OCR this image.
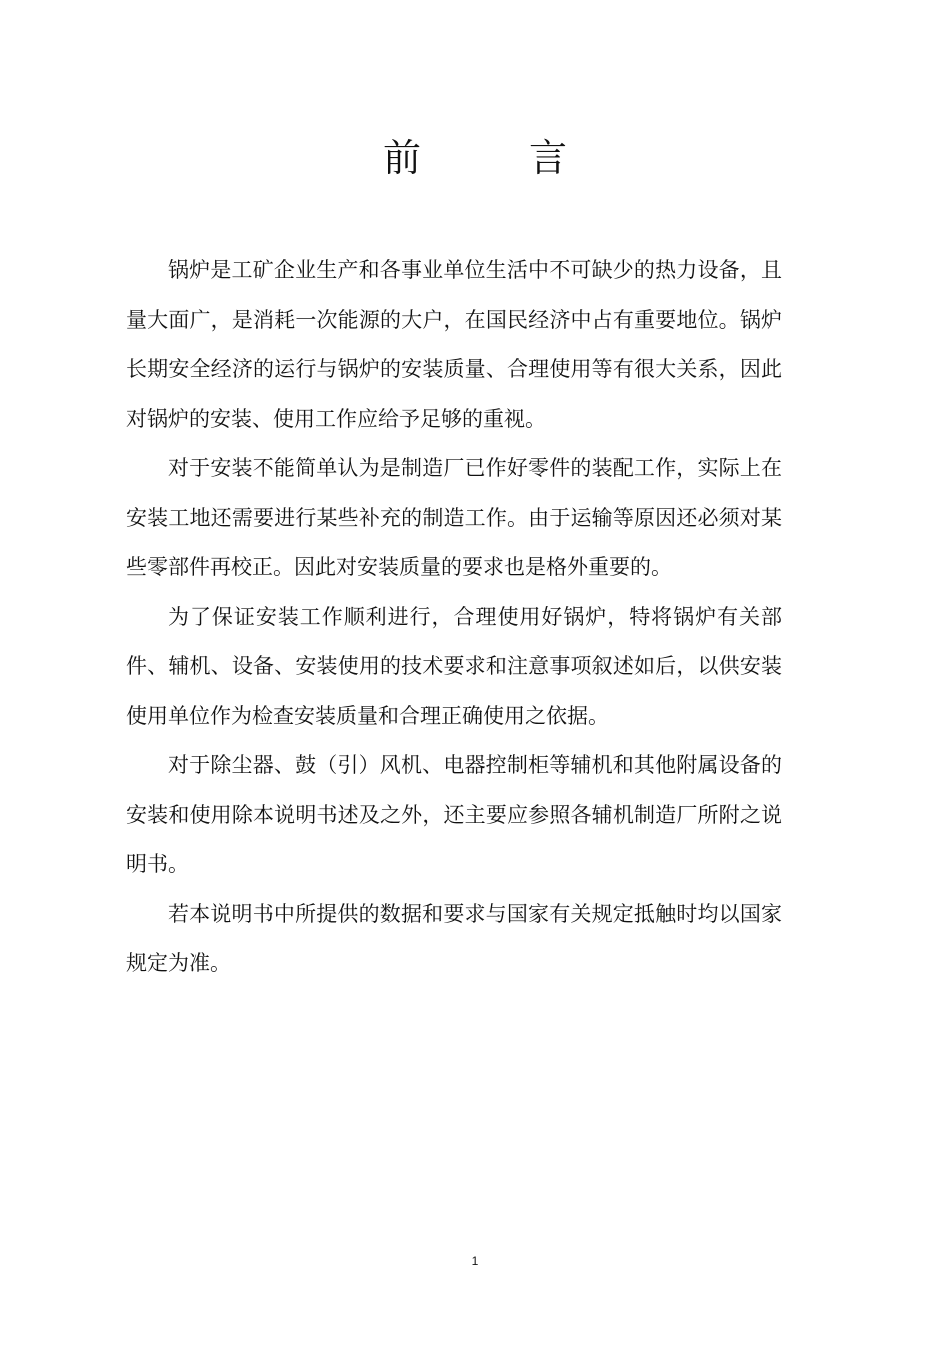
前	言

锅炉是工矿企业生产和各事业单位生活中不可缺少的热力设备，且量大面广，是消耗一次能源的大户，在国民经济中占有重要地位。锅炉长期安全经济的运行与锅炉的安装质量、合理使用等有很大关系，因此对锅炉的安装、使用工作应给予足够的重视。

对于安装不能简单认为是制造厂已作好零件的装配工作，实际上在安装工地还需要进行某些补充的制造工作。由于运输等原因还必须对某些零部件再校正。因此对安装质量的要求也是格外重要的。

为了保证安装工作顺利进行，合理使用好锅炉，特将锅炉有关部件、辅机、设备、安装使用的技术要求和注意事项叙述如后，以供安装使用单位作为检查安装质量和合理正确使用之依据。

对于除尘器、鼓（引）风机、电器控制柜等辅机和其他附属设备的安装和使用除本说明书述及之外，还主要应参照各辅机制造厂所附之说明书。

若本说明书中所提供的数据和要求与国家有关规定抵触时均以国家规定为准。

1
